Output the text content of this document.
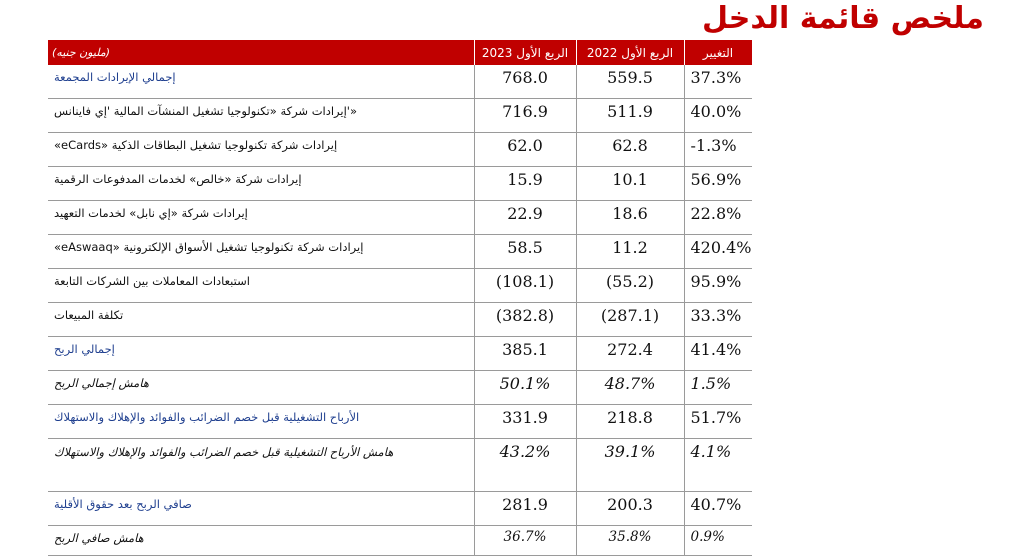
ملخص قائمة الدخل
(مليون جنيه)	الربع الأول 2023	الربع الأول 2022	التغيير
إجمالي الإيرادات المجمعة	768.0	559.5	37.3%
«'إيرادات شركة «تكنولوجيا تشغيل المنشآت المالية 'إي فاينانس	716.9	511.9	40.0%
«eCards» إيرادات شركة تكنولوجيا تشغيل البطاقات الذكية	62.0	62.8	-1.3%
إيرادات شركة «خالص» لخدمات المدفوعات الرقمية	15.9	10.1	56.9%
إيرادات شركة «إي نابل» لخدمات التعهيد	22.9	18.6	22.8%
«eAswaaq» إيرادات شركة تكنولوجيا تشغيل الأسواق الإلكترونية	58.5	11.2	420.4%
استبعادات المعاملات بين الشركات التابعة	(108.1)	(55.2)	95.9%
تكلفة المبيعات	(382.8)	(287.1)	33.3%
إجمالي الربح	385.1	272.4	41.4%
هامش إجمالي الربح	50.1%	48.7%	1.5%
الأرباح التشغيلية قبل خصم الضرائب والفوائد والإهلاك والاستهلاك	331.9	218.8	51.7%
هامش الأرباح التشغيلية قبل خصم الضرائب والفوائد والإهلاك والاستهلاك	43.2%	39.1%	4.1%
صافي الربح بعد حقوق الأقلية	281.9	200.3	40.7%
هامش صافي الربح	36.7%	35.8%	0.9%
